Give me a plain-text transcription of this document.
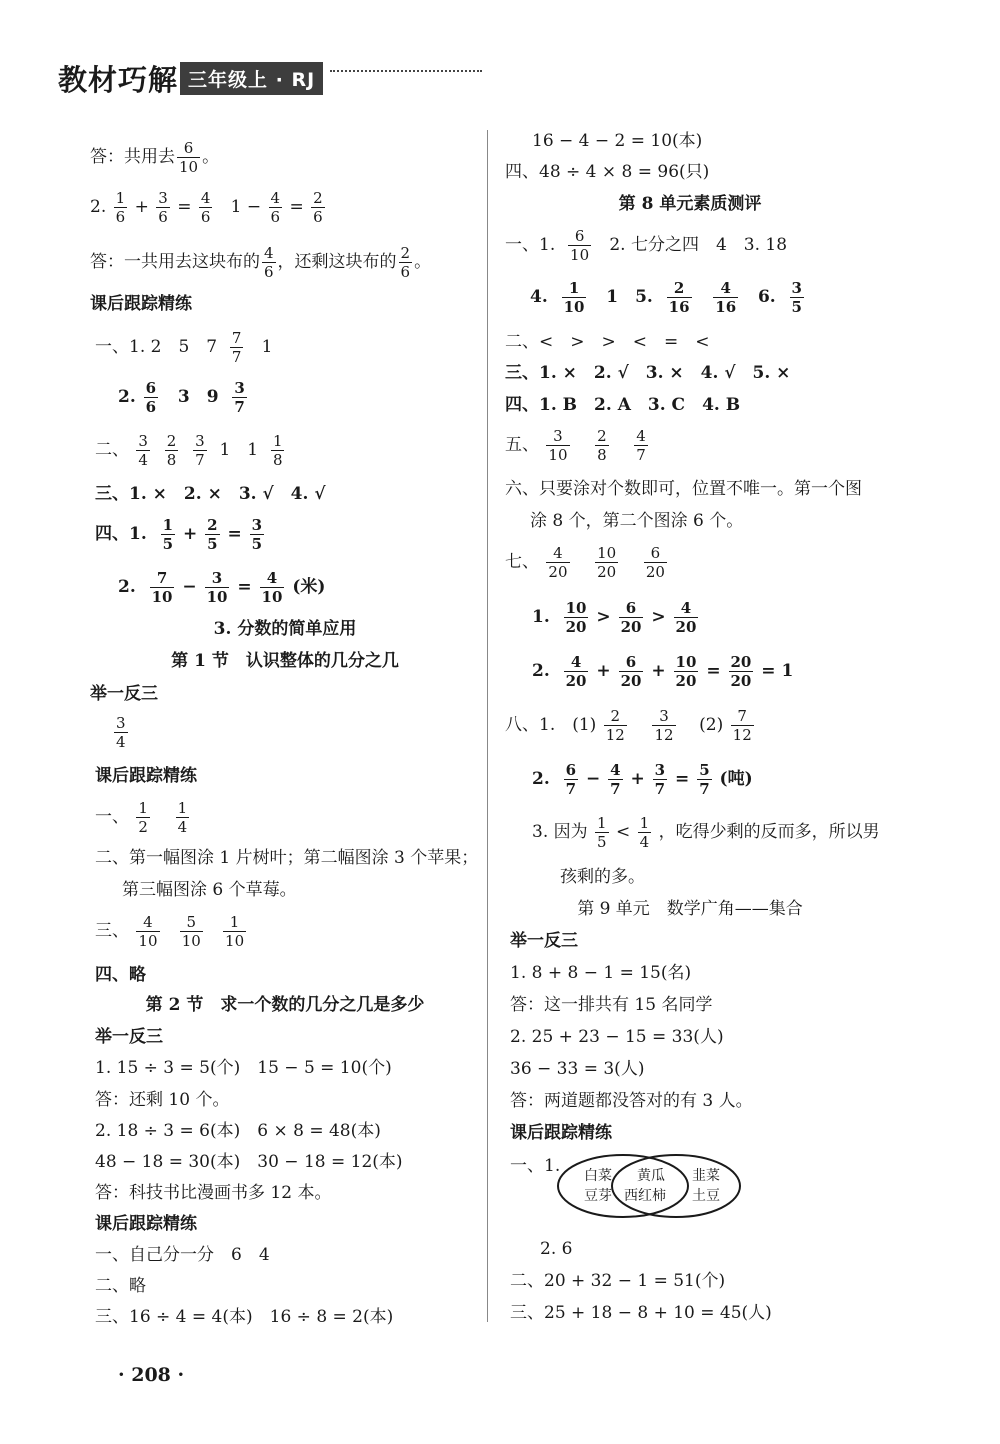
教材巧解 三年级上 · RJ
答：共用去 $\frac{6}{10}$ 。
2. $\frac{1}{6} + \frac{3}{6} = \frac{4}{6} 1 - \frac{4}{6} = \frac{2}{6}$
答：一共用去这块布的 $\frac{4}{6}$ ，还剩这块布的 $\frac{2}{6}$ 。
课后跟踪精练
一、1. 2　5　$7 \frac{7}{7} 1$
2. $\frac{6}{6} 3$　$9 \frac{3}{7}$
二、 $\frac{3}{4}$
$\frac{2}{8}$
$\frac{3}{7} 1$　$1 \frac{1}{8}$
三、1. ×　2. ×　3. √　4. √
四、1. $\frac{1}{5} + \frac{2}{5} = \frac{3}{5}$
2. $\frac{7}{10} - \frac{3}{10} = \frac{4}{10}$ (米)
3. 分数的简单应用
第 1 节　认识整体的几分之几
举一反三
$\frac{3}{4}$
课后跟踪精练
一、 $\frac{1}{2}$
$\frac{1}{4}$
二、第一幅图涂 1 片树叶；第二幅图涂 3 个苹果；
第三幅图涂 6 个草莓。
三、 $\frac{4}{10}$
$\frac{5}{10}$
$\frac{1}{10}$
四、略
第 2 节　求一个数的几分之几是多少
举一反三
1. 15 ÷ 3 = 5(个)　15 − 5 = 10(个)
答：还剩 10 个。
2. 18 ÷ 3 = 6(本)　6 × 8 = 48(本)
48 − 18 = 30(本)　30 − 18 = 12(本)
答：科技书比漫画书多 12 本。
课后跟踪精练
一、自己分一分　6　4
二、略
三、16 ÷ 4 = 4(本)　16 ÷ 8 = 2(本)
16 − 4 − 2 = 10(本)
四、48 ÷ 4 × 8 = 96(只)
第 8 单元素质测评
一、1. $\frac{6}{10} 2$. 七分之四　4　3. 18
4. $\frac{1}{10} 1$　5. $\frac{2}{16}$
$\frac{4}{16} 6$. $\frac{3}{5}$
二、<　>　>　<　=　<
三、1. ×　2. √　3. ×　4. √　5. ×
四、1. B　2. A　3. C　4. B
五、 $\frac{3}{10}$
$\frac{2}{8}$
$\frac{4}{7}$
六、只要涂对个数即可，位置不唯一。第一个图
涂 8 个，第二个图涂 6 个。
七、 $\frac{4}{20}$
$\frac{10}{20}$
$\frac{6}{20}$
1. $\frac{10}{20} > \frac{6}{20} > \frac{4}{20}$
2. $\frac{4}{20} + \frac{6}{20} + \frac{10}{20} = \frac{20}{20} = 1$
八、1.　$(1) \frac{2}{12}$
$\frac{3}{12} (2) \frac{7}{12}$
2. $\frac{6}{7} - \frac{4}{7} + \frac{3}{7} = \frac{5}{7}$ (吨)
3. 因为 $\frac{1}{5} < \frac{1}{4}$ ，吃得少剩的反而多，所以男
孩剩的多。
第 9 单元　数学广角——集合
举一反三
1. 8 + 8 − 1 = 15(名)
答：这一排共有 15 名同学
2. 25 + 23 − 15 = 33(人)
36 − 33 = 3(人)
答：两道题都没答对的有 3 人。
课后跟踪精练
一、1. 白菜
豆芽
黄瓜
西红柿
韭菜
土豆
2. 6
二、20 + 32 − 1 = 51(个)
三、25 + 18 − 8 + 10 = 45(人)
· 208 ·
